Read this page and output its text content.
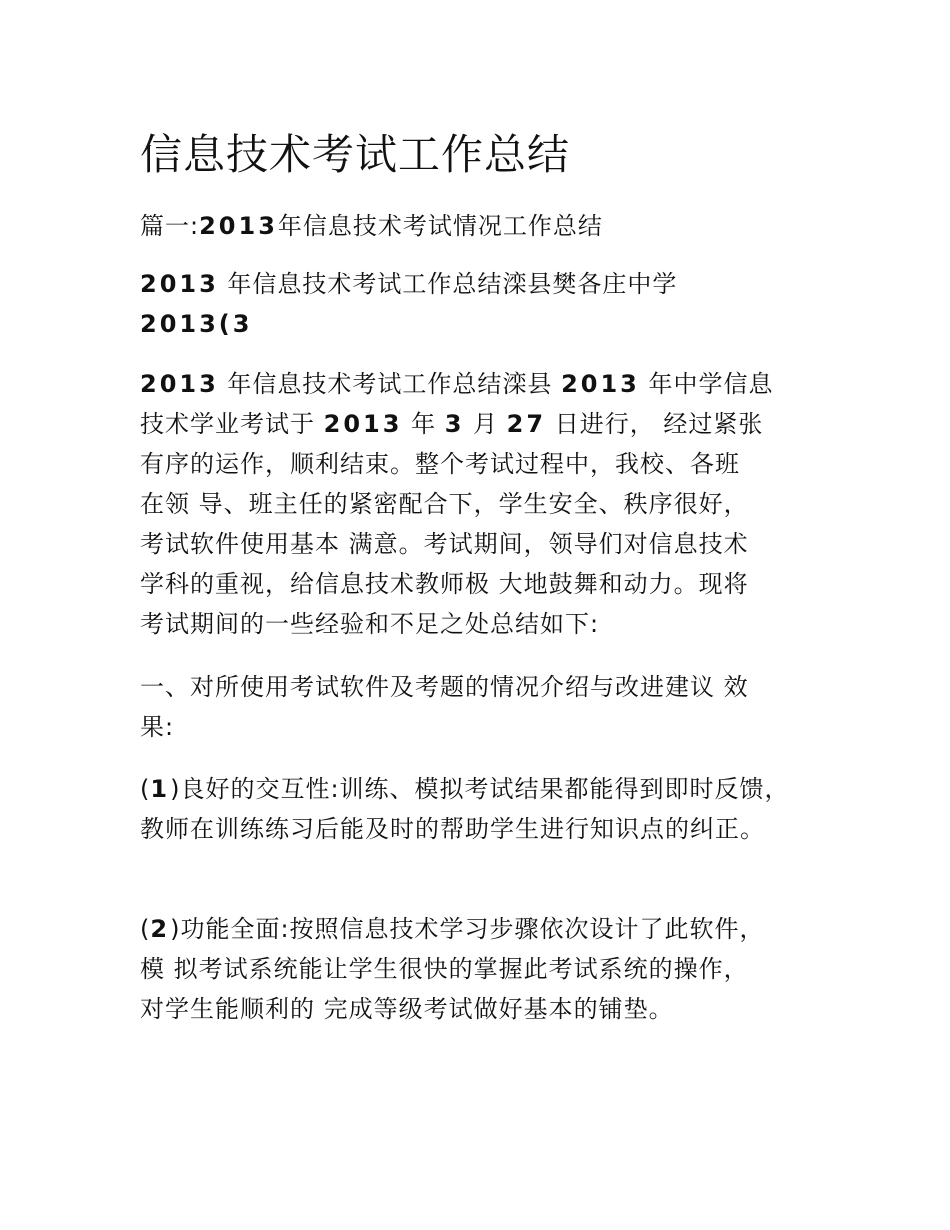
信息技术考试工作总结
篇一:2013年信息技术考试情况工作总结
2013 年信息技术考试工作总结滦县樊各庄中学
2013(3
2013 年信息技术考试工作总结滦县 2013 年中学信息
技术学业考试于 2013 年 3 月 27 日进行， 经过紧张
有序的运作，顺利结束。整个考试过程中，我校、各班
在领 导、班主任的紧密配合下，学生安全、秩序很好，
考试软件使用基本 满意。考试期间，领导们对信息技术
学科的重视，给信息技术教师极 大地鼓舞和动力。现将
考试期间的一些经验和不足之处总结如下:
一、对所使用考试软件及考题的情况介绍与改进建议 效
果:
(1)良好的交互性:训练、模拟考试结果都能得到即时反馈，
教师在训练练习后能及时的帮助学生进行知识点的纠正。
(2)功能全面:按照信息技术学习步骤依次设计了此软件，
模 拟考试系统能让学生很快的掌握此考试系统的操作，
对学生能顺利的 完成等级考试做好基本的铺垫。
